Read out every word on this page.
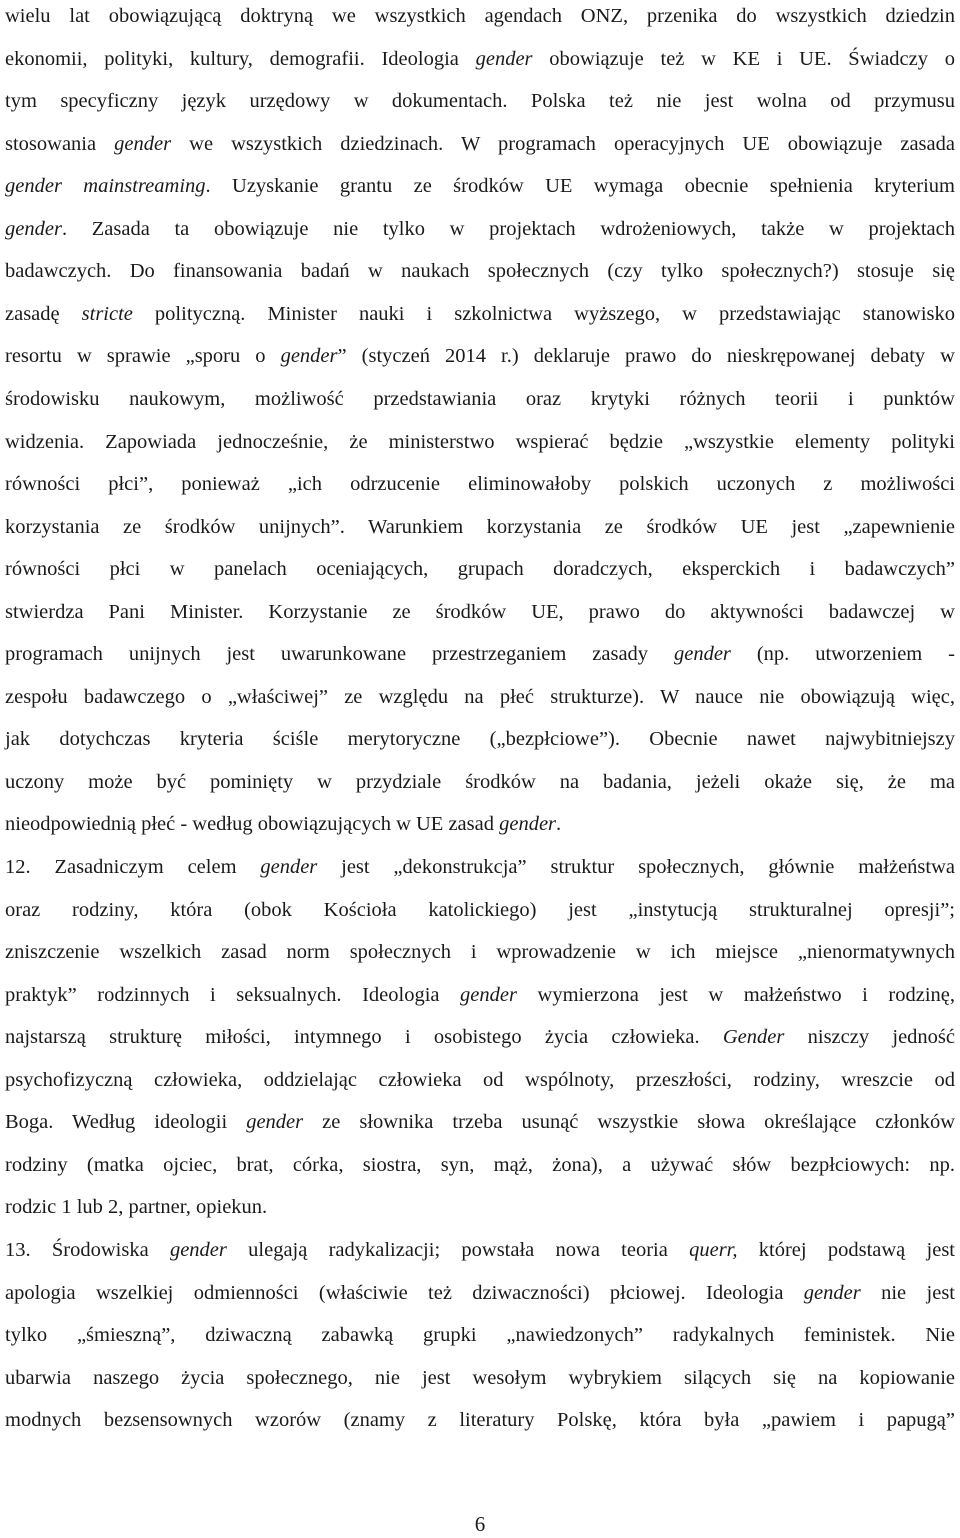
wielu lat obowiązującą doktryną we wszystkich agendach ONZ, przenika do wszystkich dziedzin
ekonomii, polityki, kultury, demografii. Ideologia gender obowiązuje też w KE i UE. Świadczy o
tym specyficzny język urzędowy w dokumentach. Polska też nie jest wolna od przymusu
stosowania gender we wszystkich dziedzinach. W programach operacyjnych UE obowiązuje zasada
gender mainstreaming. Uzyskanie grantu ze środków UE wymaga obecnie spełnienia kryterium
gender. Zasada ta obowiązuje nie tylko w projektach wdrożeniowych, także w projektach
badawczych. Do finansowania badań w naukach społecznych (czy tylko społecznych?) stosuje się
zasadę stricte polityczną. Minister nauki i szkolnictwa wyższego, w przedstawiając stanowisko
resortu w sprawie „sporu o gender” (styczeń 2014 r.) deklaruje prawo do nieskrępowanej debaty w
środowisku naukowym, możliwość przedstawiania oraz krytyki różnych teorii i punktów
widzenia. Zapowiada jednocześnie, że ministerstwo wspierać będzie „wszystkie elementy polityki
równości płci”, ponieważ „ich odrzucenie eliminowałoby polskich uczonych z możliwości
korzystania ze środków unijnych”. Warunkiem korzystania ze środków UE jest „zapewnienie
równości płci w panelach oceniających, grupach doradczych, eksperckich i badawczych”
stwierdza Pani Minister. Korzystanie ze środków UE, prawo do aktywności badawczej w
programach unijnych jest uwarunkowane przestrzeganiem zasady gender (np. utworzeniem -
zespołu badawczego o „właściwej” ze względu na płeć strukturze). W nauce nie obowiązują więc,
jak dotychczas kryteria ściśle merytoryczne („bezpłciowe”). Obecnie nawet najwybitniejszy
uczony może być pominięty w przydziale środków na badania, jeżeli okaże się, że ma
nieodpowiednią płeć - według obowiązujących w UE zasad gender.
12. Zasadniczym celem gender jest „dekonstrukcja” struktur społecznych, głównie małżeństwa
oraz rodziny, która (obok Kościoła katolickiego) jest „instytucją strukturalnej opresji”;
zniszczenie wszelkich zasad norm społecznych i wprowadzenie w ich miejsce „nienormatywnych
praktyk” rodzinnych i seksualnych. Ideologia gender wymierzona jest w małżeństwo i rodzinę,
najstarszą strukturę miłości, intymnego i osobistego życia człowieka. Gender niszczy jedność
psychofizyczną człowieka, oddzielając człowieka od wspólnoty, przeszłości, rodziny, wreszcie od
Boga. Według ideologii gender ze słownika trzeba usunąć wszystkie słowa określające członków
rodziny (matka ojciec, brat, córka, siostra, syn, mąż, żona), a używać słów bezpłciowych: np.
rodzic 1 lub 2, partner, opiekun.
13. Środowiska gender ulegają radykalizacji; powstała nowa teoria querr, której podstawą jest
apologia wszelkiej odmienności (właściwie też dziwaczności) płciowej. Ideologia gender nie jest
tylko „śmieszną”, dziwaczną zabawką grupki „nawiedzonych” radykalnych feministek. Nie
ubarwia naszego życia społecznego, nie jest wesołym wybrykiem silących się na kopiowanie
modnych bezsensownych wzorów (znamy z literatury Polskę, która była „pawiem i papugą”
6
